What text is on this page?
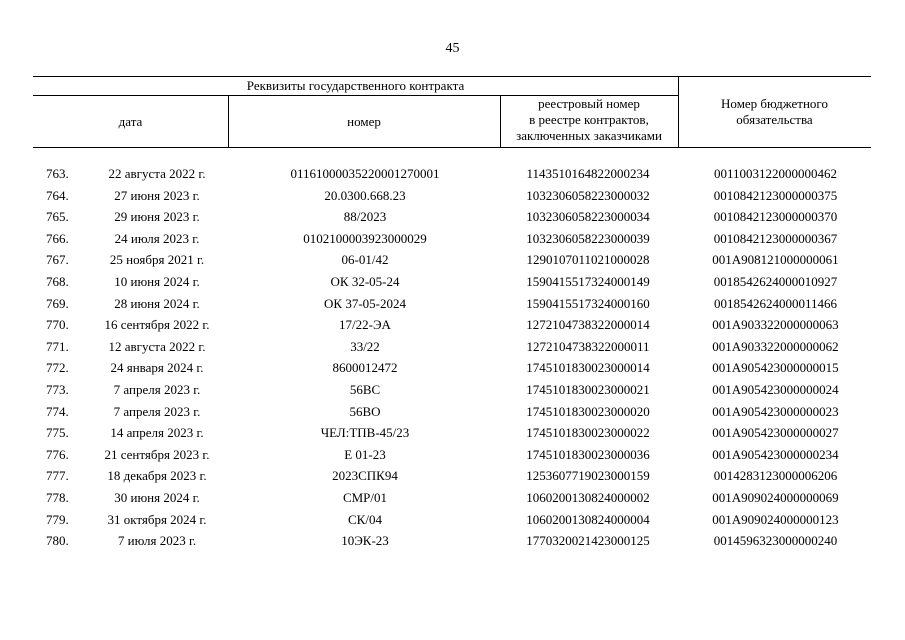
45
Реквизиты государственного контракта
дата	номер
реестровый номер
в реестре контрактов,
заключенных заказчиками
Номер бюджетного
обязательства
763.	22 августа 2022 г.	01161000035220001270001	1143510164822000234	0011003122000000462
764.	27 июня 2023 г.	20.0300.668.23	1032306058223000032	0010842123000000375
765.	29 июня 2023 г.	88/2023	1032306058223000034	0010842123000000370
766.	24 июля 2023 г.	0102100003923000029	1032306058223000039	0010842123000000367
767.	25 ноября 2021 г.	06-01/42	1290107011021000028	001A908121000000061
768.	10 июня 2024 г.	ОК 32-05-24	1590415517324000149	0018542624000010927
769.	28 июня 2024 г.	ОК 37-05-2024	1590415517324000160	0018542624000011466
770.	16 сентября 2022 г.	17/22-ЭА	1272104738322000014	001A903322000000063
771.	12 августа 2022 г.	33/22	1272104738322000011	001A903322000000062
772.	24 января 2024 г.	8600012472	1745101830023000014	001A905423000000015
773.	7 апреля 2023 г.	56ВС	1745101830023000021	001A905423000000024
774.	7 апреля 2023 г.	56ВО	1745101830023000020	001A905423000000023
775.	14 апреля 2023 г.	ЧЕЛ:ТПВ-45/23	1745101830023000022	001A905423000000027
776.	21 сентября 2023 г.	Е 01-23	1745101830023000036	001A905423000000234
777.	18 декабря 2023 г.	2023СПК94	1253607719023000159	0014283123000006206
778.	30 июня 2024 г.	СМР/01	1060200130824000002	001A909024000000069
779.	31 октября 2024 г.	СК/04	1060200130824000004	001A909024000000123
780.	7 июля 2023 г.	10ЭК-23	1770320021423000125	0014596323000000240
